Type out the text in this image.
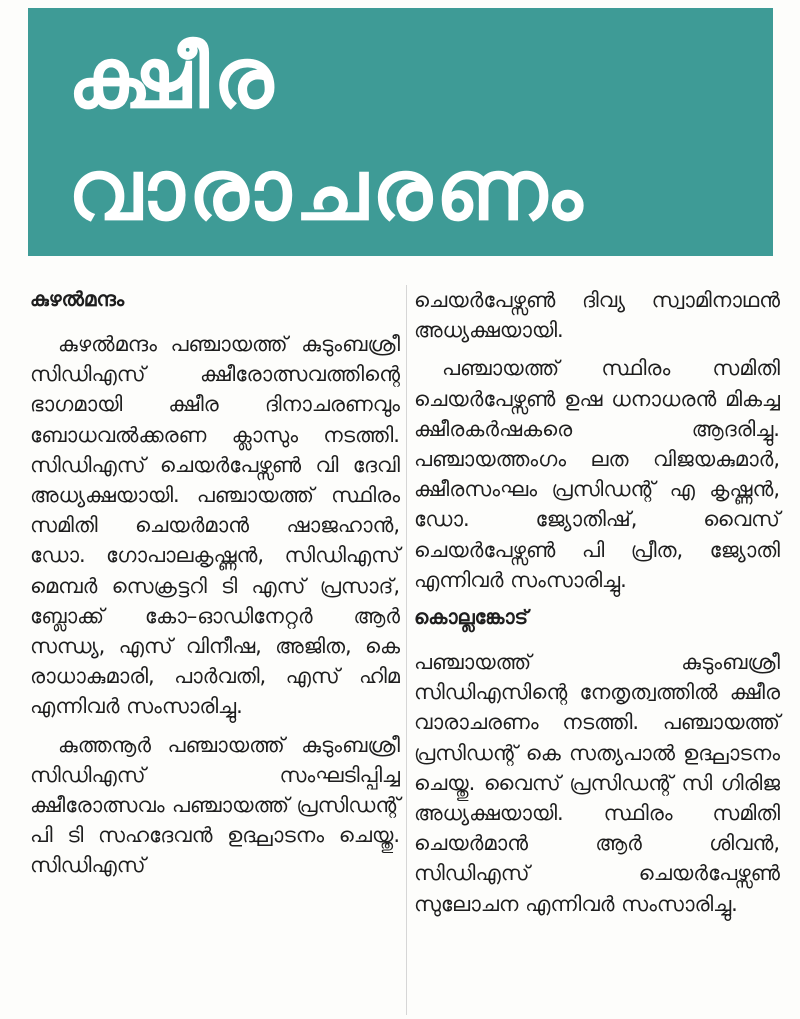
ക്ഷീര
വാരാചരണം

കുഴൽമന്ദം

കുഴൽമന്ദം പഞ്ചായത്ത് കുടുംബശ്രീ സിഡിഎസ് ക്ഷീരോത്സവത്തിന്റെ ഭാഗമായി ക്ഷീര ദിനാചരണവും ബോധവൽക്കരണ ക്ലാസും നടത്തി. സിഡിഎസ് ചെയർപേഴ്സൺ വി ദേവി അധ്യക്ഷയായി. പഞ്ചായത്ത് സ്ഥിരം സമിതി ചെയർമാൻ ഷാജഹാൻ, ഡോ. ഗോപാലകൃഷ്ണൻ, സിഡിഎസ് മെമ്പർ സെക്രട്ടറി ടി എസ് പ്രസാദ്, ബ്ലോക്ക് കോ–ഓഡിനേറ്റർ ആർ സന്ധ്യ, എസ് വിനീഷ, അജിത, കെ രാധാകുമാരി, പാർവതി, എസ് ഹിമ എന്നിവർ സംസാരിച്ചു.

കുത്തനൂർ പഞ്ചായത്ത് കുടുംബശ്രീ സിഡിഎസ് സംഘടിപ്പിച്ച ക്ഷീരോത്സവം പഞ്ചായത്ത് പ്രസിഡന്റ് പി ടി സഹദേവൻ ഉദ്ഘാടനം ചെയ്തു. സിഡിഎസ്

ചെയർപേഴ്സൺ ദിവ്യ സ്വാമിനാഥൻ അധ്യക്ഷയായി.

പഞ്ചായത്ത് സ്ഥിരം സമിതി ചെയർപേഴ്സൺ ഉഷ ധനാധരൻ മികച്ച ക്ഷീരകർഷകരെ ആദരിച്ചു. പഞ്ചായത്തംഗം ലത വിജയകുമാർ, ക്ഷീരസംഘം പ്രസിഡന്റ് എ കൃഷ്ണൻ, ഡോ. ജ്യോതിഷ്, വൈസ് ചെയർപേഴ്സൺ പി പ്രീത, ജ്യോതി എന്നിവർ സംസാരിച്ചു.

കൊല്ലങ്കോട്

പഞ്ചായത്ത് കുടുംബശ്രീ സിഡിഎസിന്റെ നേതൃത്വത്തിൽ ക്ഷീര വാരാചരണം നടത്തി. പഞ്ചായത്ത് പ്രസിഡന്റ് കെ സത്യപാൽ ഉദ്ഘാടനം ചെയ്തു. വൈസ് പ്രസിഡന്റ് സി ഗിരിജ അധ്യക്ഷയായി. സ്ഥിരം സമിതി ചെയർമാൻ ആർ ശിവൻ, സിഡിഎസ് ചെയർപേഴ്സൺ സുലോചന എന്നിവർ സംസാരിച്ചു.
